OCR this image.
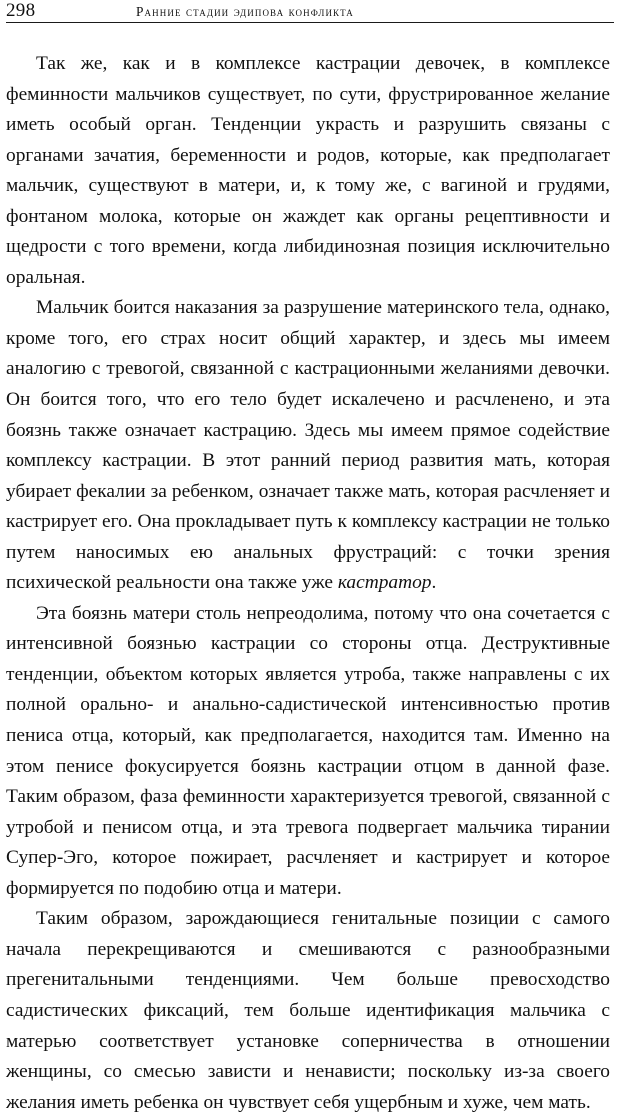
298	Ранние стадии эдипова конфликта

Так же, как и в комплексе кастрации девочек, в комплексе феминности мальчиков существует, по сути, фрустрированное желание иметь особый орган. Тенденции украсть и разрушить связаны с органами зачатия, беременности и родов, которые, как предполагает мальчик, существуют в матери, и, к тому же, с вагиной и грудями, фонтаном молока, которые он жаждет как органы рецептивности и щедрости с того времени, когда либидинозная позиция исключительно оральная.

Мальчик боится наказания за разрушение материнского тела, однако, кроме того, его страх носит общий характер, и здесь мы имеем аналогию с тревогой, связанной с кастрационными желаниями девочки. Он боится того, что его тело будет искалечено и расчленено, и эта боязнь также означает кастрацию. Здесь мы имеем прямое содействие комплексу кастрации. В этот ранний период развития мать, которая убирает фекалии за ребенком, означает также мать, которая расчленяет и кастрирует его. Она прокладывает путь к комплексу кастрации не только путем наносимых ею анальных фрустраций: с точки зрения психической реальности она также уже кастратор.

Эта боязнь матери столь непреодолима, потому что она сочетается с интенсивной боязнью кастрации со стороны отца. Деструктивные тенденции, объектом которых является утроба, также направлены с их полной орально- и анально-садистической интенсивностью против пениса отца, который, как предполагается, находится там. Именно на этом пенисе фокусируется боязнь кастрации отцом в данной фазе. Таким образом, фаза феминности характеризуется тревогой, связанной с утробой и пенисом отца, и эта тревога подвергает мальчика тирании Супер-Эго, которое пожирает, расчленяет и кастрирует и которое формируется по подобию отца и матери.

Таким образом, зарождающиеся генитальные позиции с самого начала перекрещиваются и смешиваются с разнообразными прегенитальными тенденциями. Чем больше превосходство садистических фиксаций, тем больше идентификация мальчика с матерью соответствует установке соперничества в отношении женщины, со смесью зависти и ненависти; поскольку из-за своего желания иметь ребенка он чувствует себя ущербным и хуже, чем мать.
